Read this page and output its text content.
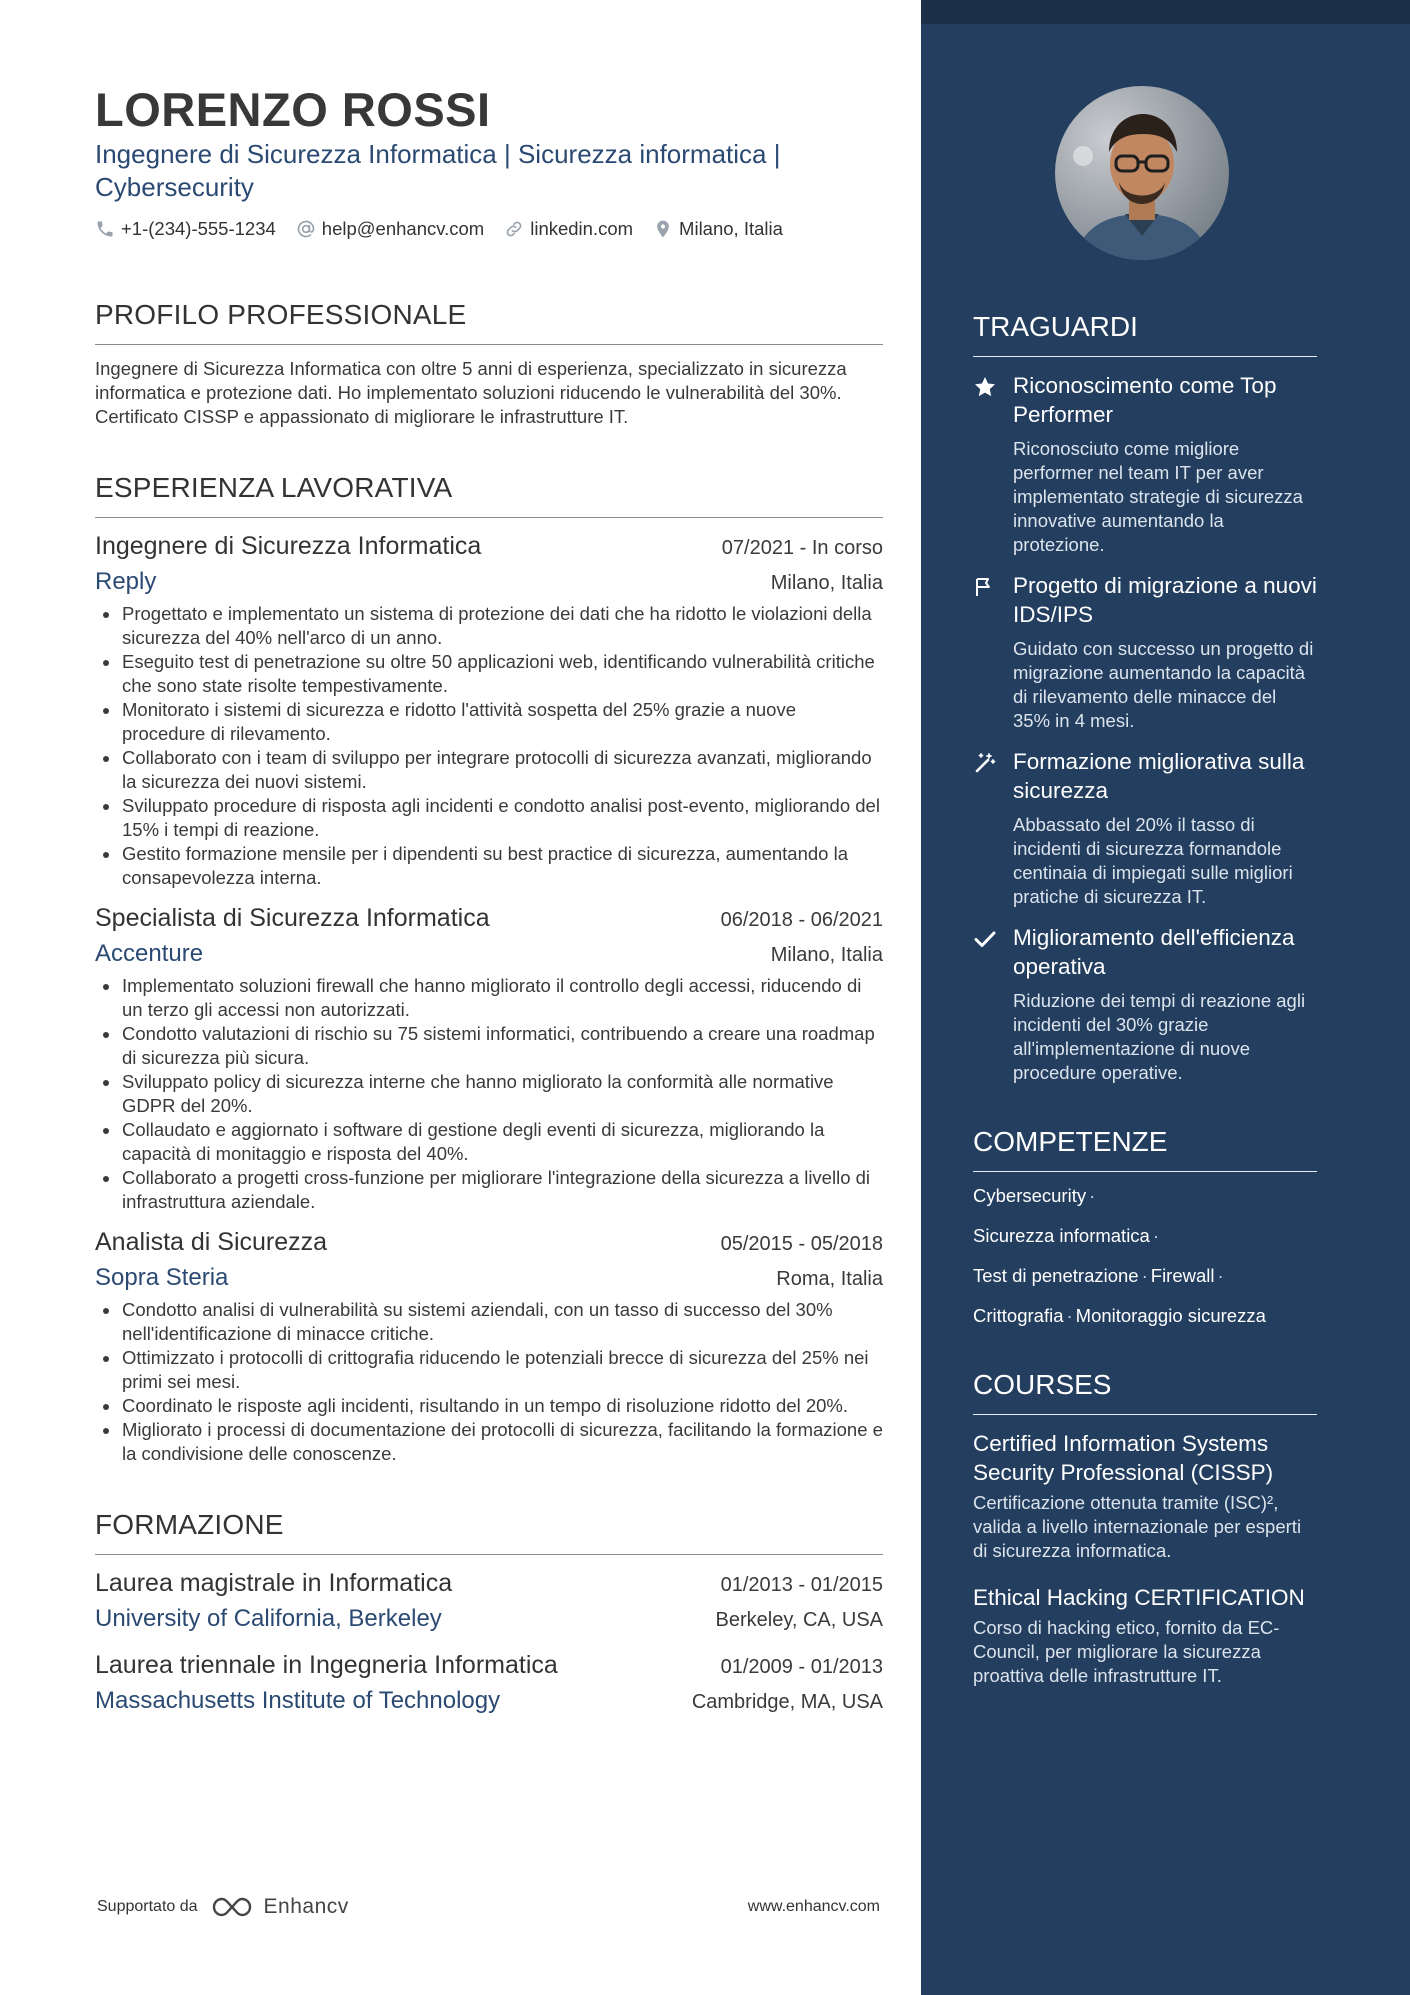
LORENZO ROSSI
Ingegnere di Sicurezza Informatica | Sicurezza informatica | Cybersecurity
+1-(234)-555-1234 help@enhancv.com linkedin.com Milano, Italia
PROFILO PROFESSIONALE
Ingegnere di Sicurezza Informatica con oltre 5 anni di esperienza, specializzato in sicurezza informatica e protezione dati. Ho implementato soluzioni riducendo le vulnerabilità del 30%. Certificato CISSP e appassionato di migliorare le infrastrutture IT.
ESPERIENZA LAVORATIVA
Ingegnere di Sicurezza Informatica	07/2021 - In corso
Reply	Milano, Italia
Progettato e implementato un sistema di protezione dei dati che ha ridotto le violazioni della sicurezza del 40% nell'arco di un anno.
Eseguito test di penetrazione su oltre 50 applicazioni web, identificando vulnerabilità critiche che sono state risolte tempestivamente.
Monitorato i sistemi di sicurezza e ridotto l'attività sospetta del 25% grazie a nuove procedure di rilevamento.
Collaborato con i team di sviluppo per integrare protocolli di sicurezza avanzati, migliorando la sicurezza dei nuovi sistemi.
Sviluppato procedure di risposta agli incidenti e condotto analisi post-evento, migliorando del 15% i tempi di reazione.
Gestito formazione mensile per i dipendenti su best practice di sicurezza, aumentando la consapevolezza interna.
Specialista di Sicurezza Informatica	06/2018 - 06/2021
Accenture	Milano, Italia
Implementato soluzioni firewall che hanno migliorato il controllo degli accessi, riducendo di un terzo gli accessi non autorizzati.
Condotto valutazioni di rischio su 75 sistemi informatici, contribuendo a creare una roadmap di sicurezza più sicura.
Sviluppato policy di sicurezza interne che hanno migliorato la conformità alle normative GDPR del 20%.
Collaudato e aggiornato i software di gestione degli eventi di sicurezza, migliorando la capacità di monitaggio e risposta del 40%.
Collaborato a progetti cross-funzione per migliorare l'integrazione della sicurezza a livello di infrastruttura aziendale.
Analista di Sicurezza	05/2015 - 05/2018
Sopra Steria	Roma, Italia
Condotto analisi di vulnerabilità su sistemi aziendali, con un tasso di successo del 30% nell'identificazione di minacce critiche.
Ottimizzato i protocolli di crittografia riducendo le potenziali brecce di sicurezza del 25% nei primi sei mesi.
Coordinato le risposte agli incidenti, risultando in un tempo di risoluzione ridotto del 20%.
Migliorato i processi di documentazione dei protocolli di sicurezza, facilitando la formazione e la condivisione delle conoscenze.
FORMAZIONE
Laurea magistrale in Informatica	01/2013 - 01/2015
University of California, Berkeley	Berkeley, CA, USA
Laurea triennale in Ingegneria Informatica	01/2009 - 01/2013
Massachusetts Institute of Technology	Cambridge, MA, USA
Supportato da	Enhancv	www.enhancv.com
TRAGUARDI
Riconoscimento come Top Performer
Riconosciuto come migliore performer nel team IT per aver implementato strategie di sicurezza innovative aumentando la protezione.
Progetto di migrazione a nuovi IDS/IPS
Guidato con successo un progetto di migrazione aumentando la capacità di rilevamento delle minacce del 35% in 4 mesi.
Formazione migliorativa sulla sicurezza
Abbassato del 20% il tasso di incidenti di sicurezza formandole centinaia di impiegati sulle migliori pratiche di sicurezza IT.
Miglioramento dell'efficienza operativa
Riduzione dei tempi di reazione agli incidenti del 30% grazie all'implementazione di nuove procedure operative.
COMPETENZE
Cybersecurity ·
Sicurezza informatica ·
Test di penetrazione · Firewall ·
Crittografia · Monitoraggio sicurezza
COURSES
Certified Information Systems Security Professional (CISSP)
Certificazione ottenuta tramite (ISC)², valida a livello internazionale per esperti di sicurezza informatica.
Ethical Hacking CERTIFICATION
Corso di hacking etico, fornito da EC-Council, per migliorare la sicurezza proattiva delle infrastrutture IT.
